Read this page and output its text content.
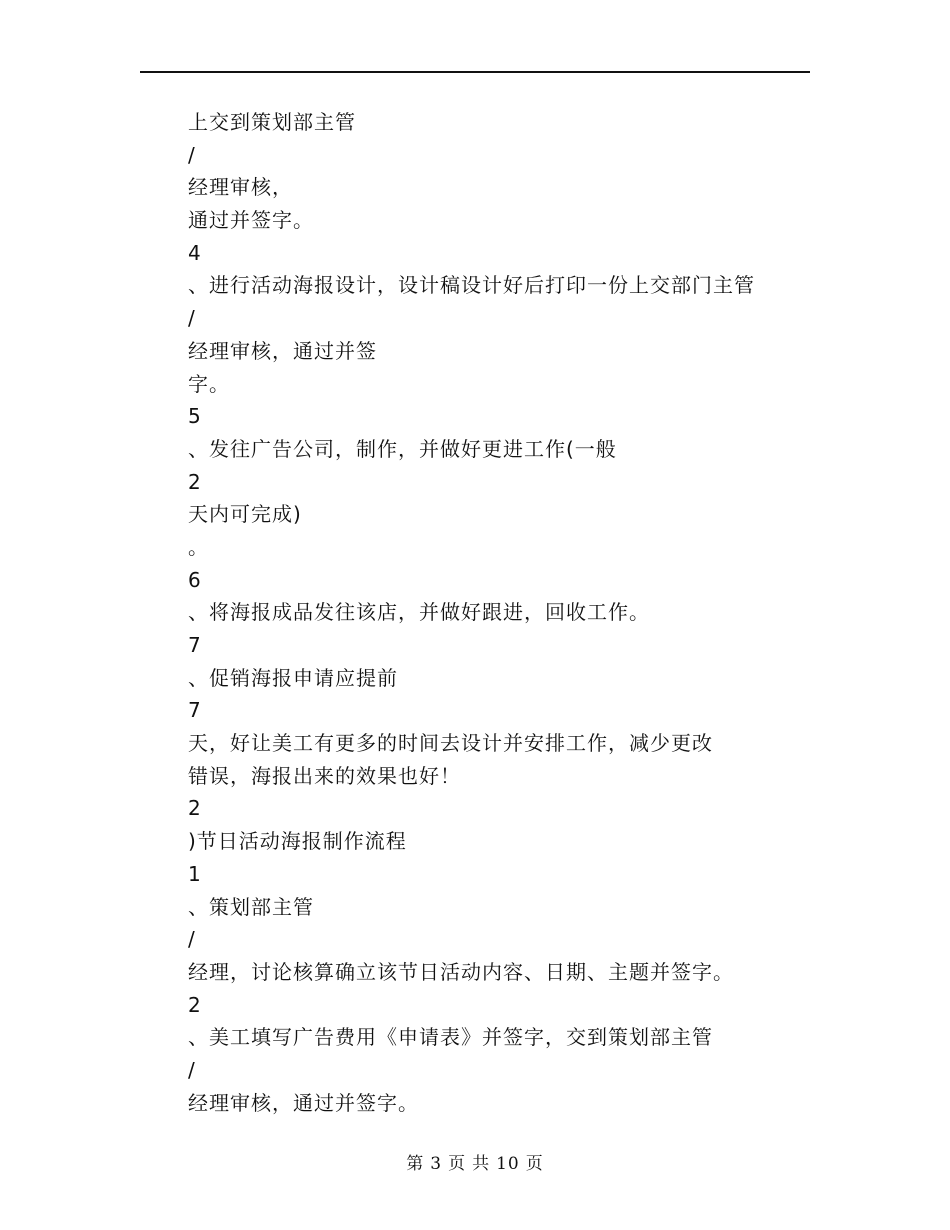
上交到策划部主管
/
经理审核，
通过并签字。
4
、进行活动海报设计，设计稿设计好后打印一份上交部门主管
/
经理审核，通过并签
字。
5
、发往广告公司，制作，并做好更进工作(一般
2
天内可完成)
。
6
、将海报成品发往该店，并做好跟进，回收工作。
7
、促销海报申请应提前
7
天，好让美工有更多的时间去设计并安排工作，减少更改
错误，海报出来的效果也好！
2
)节日活动海报制作流程
1
、策划部主管
/
经理，讨论核算确立该节日活动内容、日期、主题并签字。
2
、美工填写广告费用《申请表》并签字，交到策划部主管
/
经理审核，通过并签字。
第 3 页 共 10 页
